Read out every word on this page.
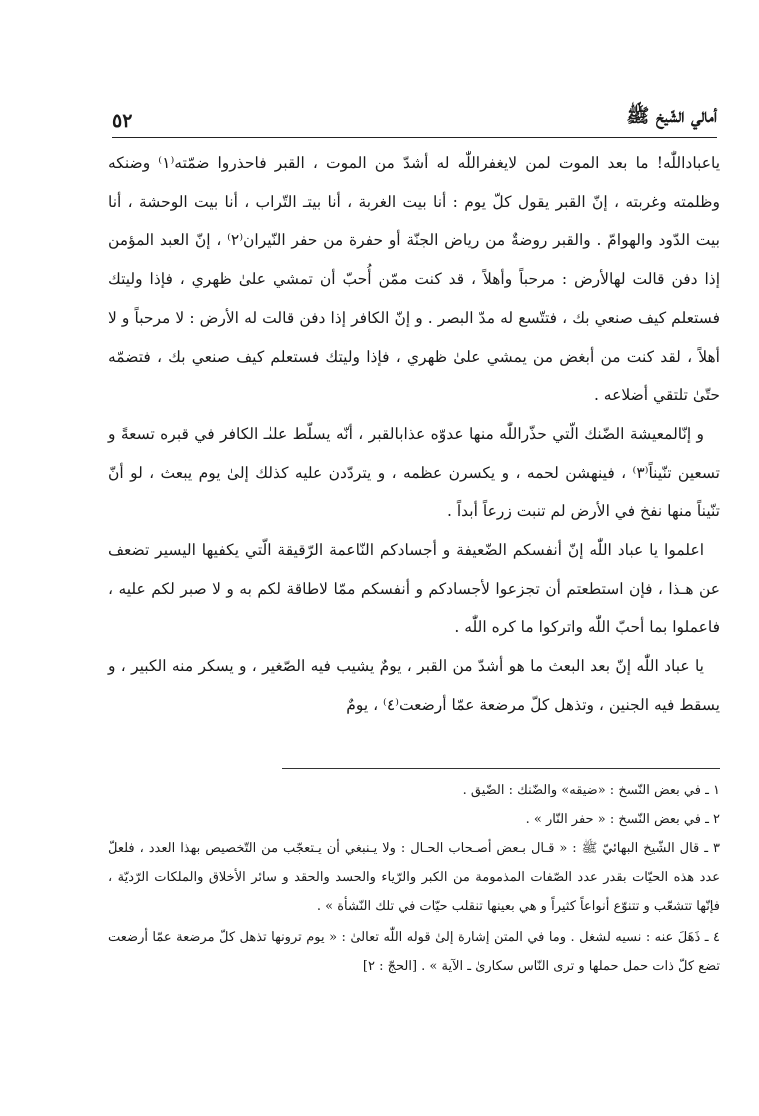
أمالي الشّيخ ﷺ
٥٢

ياعباداللّٰه! ما بعد الموت لمن لايغفراللّٰه له أشدّ من الموت ، القبر فاحذروا ضمّته⁽١⁾ وضنكه وظلمته وغربته ، إنّ القبر يقول كلّ يوم : أنا بيت الغربة ، أنا بيتـ التّراب ، أنا بيت الوحشة ، أنا بيت الدّود والهوامّ . والقبر روضةٌ من رياض الجنّة أو حفرة من حفر النّيران⁽٢⁾ ، إنّ العبد المؤمن إذا دفن قالت لهالأرض : مرحباً وأهلاً ، قد كنت ممّن أُحبّ أن تمشي علىٰ ظهري ، فإذا وليتك فستعلم كيف صنعي بك ، فتتّسع له مدّ البصر . و إنّ الكافر إذا دفن قالت له الأرض : لا مرحباً و لا أهلاً ، لقد كنت من أبغض من يمشي علىٰ ظهري ، فإذا وليتك فستعلم كيف صنعي بك ، فتضمّه حتّىٰ تلتقي أضلاعه .

و إنّالمعيشة الضّنك الّتي حذّراللّٰه منها عدوّه عذابالقبر ، أنّه يسلّط علىٰـ الكافر في قبره تسعةً و تسعين تنّيناً⁽٣⁾ ، فينهشن لحمه ، و يكسرن عظمه ، و يتردّدن عليه كذلك إلىٰ يوم يبعث ، لو أنّ تنّيناً منها نفخ في الأرض لم تنبت زرعاً أبداً .

اعلموا يا عباد اللّٰه إنّ أنفسكم الضّعيفة و أجسادكم النّاعمة الرّقيقة الّتي يكفيها اليسير تضعف عن هـذا ، فإن استطعتم أن تجزعوا لأجسادكم و أنفسكم ممّا لاطاقة لكم به و لا صبر لكم عليه ، فاعملوا بما أحبّ اللّٰه واتركوا ما كره اللّٰه .

يا عباد اللّٰه إنّ بعد البعث ما هو أشدّ من القبر ، يومٌ يشيب فيه الصّغير ، و يسكر منه الكبير ، و يسقط فيه الجنين ، وتذهل كلّ مرضعة عمّا أرضعت⁽٤⁾ ، يومٌ

١ ـ في بعض النّسخ : «ضيقه» والضّنك : الضّيق .

٢ ـ في بعض النّسخ : « حفر النّار » .

٣ ـ قال الشّيخ البهائيّ ﷺ : « قـال بـعض أصـحاب الحـال : ولا يـنبغي أن يـتعجّب من التّخصيص بهذا العدد ، فلعلّ عدد هذه الحيّات بقدر عدد الصّفات المذمومة من الكبر والرّياء والحسد والحقد و سائر الأخلاق والملكات الرّديّة ، فإنّها تتشعّب و تتنوّع أنواعاً كثيراً و هي بعينها تنقلب حيّات في تلك النّشأة » .

٤ ـ ذَهَلَ عنه : نسيه لشغل . وما في المتن إشارة إلىٰ قوله اللّٰه تعالىٰ : « يوم ترونها تذهل كلّ مرضعة عمّا أرضعت تضع كلّ ذات حمل حملها و ترى النّاس سكارىٰ ـ الآية » . [الحجّ : ٢]
